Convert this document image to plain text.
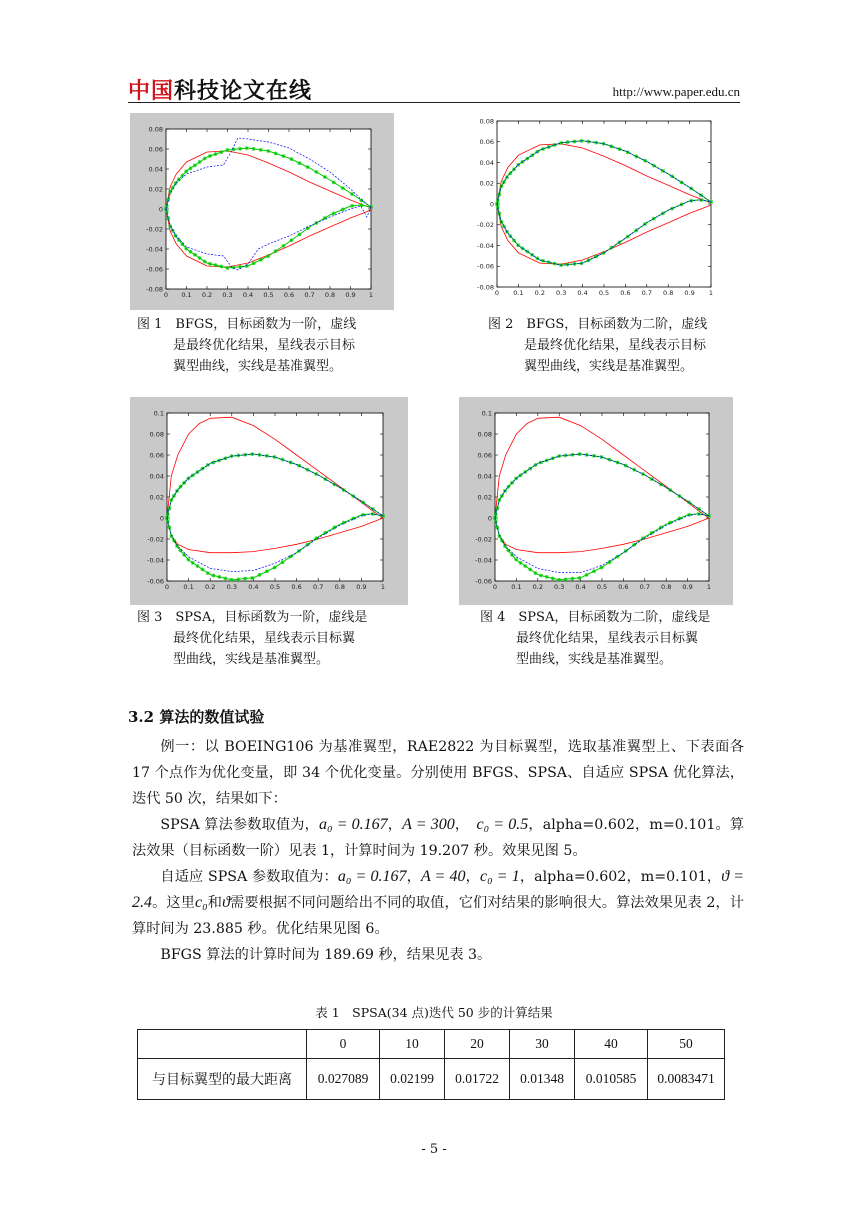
中国科技论文在线	http://www.paper.edu.cn
0 0.1 0.2 0.3 0.4 0.5 0.6 0.7 0.8 0.9 1
0.08
0.06
0.04
0.02
0
-0.02
-0.04
-0.06
-0.08	0 0.1 0.2 0.3 0.4 0.5 0.6 0.7 0.8 0.9 1
0.08
0.06
0.04
0.02
0
-0.02
-0.04
-0.06
-0.08
0 0.1 0.2 0.3 0.4 0.5 0.6 0.7 0.8 0.9 1
0.1
0.08
0.06
0.04
0.02
0
-0.02
-0.04
-0.06
0 0.1 0.2 0.3 0.4 0.5 0.6 0.7 0.8 0.9 1
0.1
0.08
0.06
0.04
0.02
0
-0.02
-0.04
-0.06
图 1　BFGS，目标函数为一阶，虚线
是最终优化结果，星线表示目标
翼型曲线，实线是基准翼型。
图 2　BFGS，目标函数为二阶，虚线
是最终优化结果，星线表示目标
翼型曲线，实线是基准翼型。
图 3　SPSA，目标函数为一阶，虚线是
最终优化结果，星线表示目标翼
型曲线，实线是基准翼型。
图 4　SPSA，目标函数为二阶，虚线是
最终优化结果，星线表示目标翼
型曲线，实线是基准翼型。
3.2 算法的数值试验

例一：以 BOEING106 为基准翼型，RAE2822 为目标翼型，选取基准翼型上、下表面各 17 个点作为优化变量，即 34 个优化变量。分别使用 BFGS、SPSA、自适应 SPSA 优化算法，迭代 50 次，结果如下：

SPSA 算法参数取值为，a₀ = 0.167，A = 300，　c₀ = 0.5，alpha=0.602，m=0.101。算法效果（目标函数一阶）见表 1，计算时间为 19.207 秒。效果见图 5。

自适应 SPSA 参数取值为：a₀ = 0.167，A = 40，c₀ = 1，alpha=0.602，m=0.101，ϑ = 2.4。这里c₀和ϑ需要根据不同问题给出不同的取值，它们对结果的影响很大。算法效果见表 2，计算时间为 23.885 秒。优化结果见图 6。

BFGS 算法的计算时间为 189.69 秒，结果见表 3。

表 1　SPSA(34 点)迭代 50 步的计算结果
	0	10	20	30	40	50
与目标翼型的最大距离	0.027089	0.02199	0.01722	0.01348	0.010585	0.0083471
- 5 -
